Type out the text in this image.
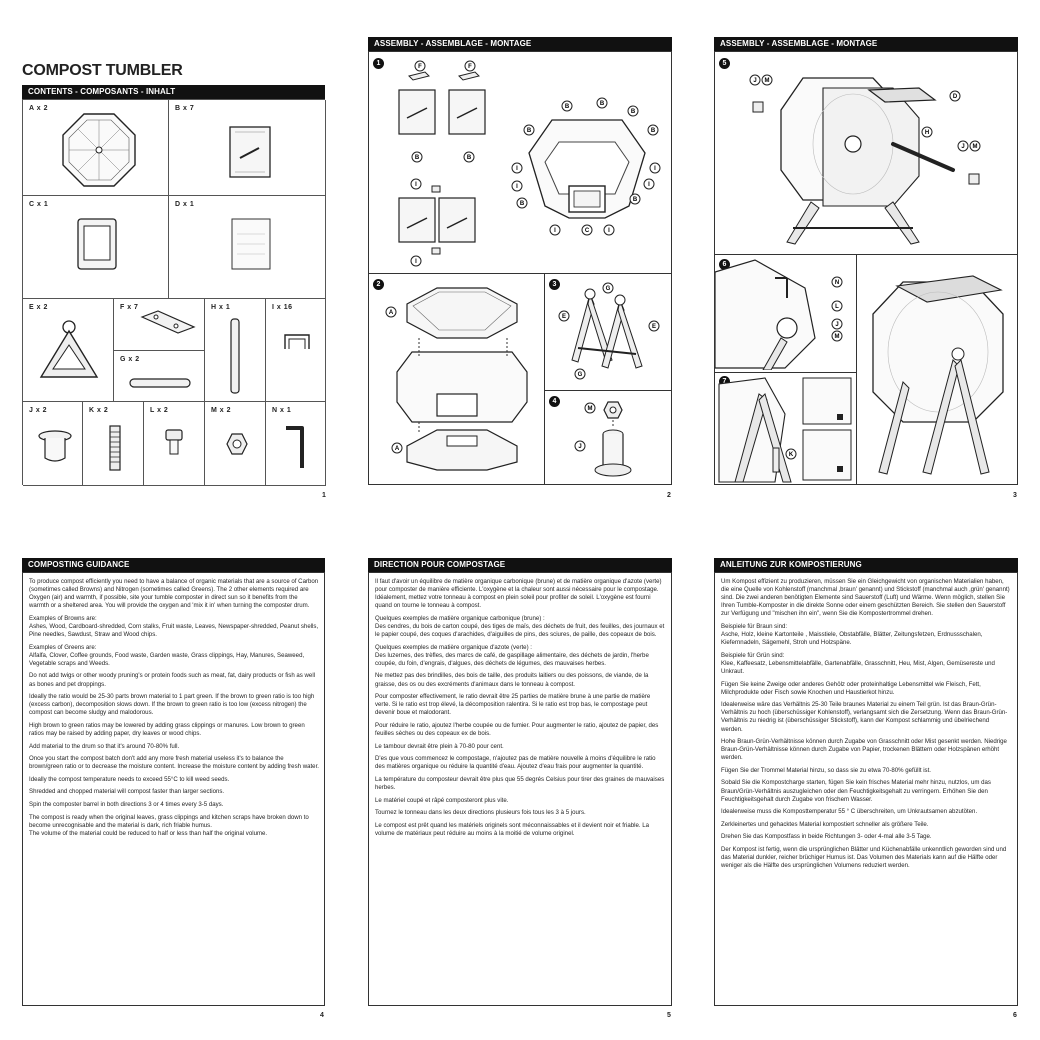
COMPOST TUMBLER
CONTENTS - COMPOSANTS - INHALT
A x 2	B x 7
C x 1	D x 1
E x 2	F x 7
G x 2
H x 1	I x 16
J x 2	K x 2	L x 2	M x 2	N x 1
1
ASSEMBLY - ASSEMBLAGE - MONTAGE
1	F	F
B	B
I
I
B	B
B
B
B
I
I
B
I
I
B
I	C	I
2
A
A
3
G
E
E
G
4
M
J
2
ASSEMBLY - ASSEMBLAGE - MONTAGE
5
J M
D
H
J M
6
N
L
J
M
7
K
3
COMPOSTING GUIDANCE

To produce compost efficiently you need to have a balance of organic materials that are a source of Carbon (sometimes called Browns) and Nitrogen (sometimes called Greens). The 2 other elements required are Oxygen (air) and warmth, if possible, site your tumble composter in direct sun so it benefits from the warmth or a sheltered area. You will provide the oxygen and 'mix it in' when turning the composter drum.

Examples of Browns are:
Ashes, Wood, Cardboard-shredded, Corn stalks, Fruit waste, Leaves, Newspaper-shredded, Peanut shells, Pine needles, Sawdust, Straw and Wood chips.

Examples of Greens are:
Alfalfa, Clover, Coffee grounds, Food waste, Garden waste, Grass clippings, Hay, Manures, Seaweed, Vegetable scraps and Weeds.

Do not add twigs or other woody pruning's or protein foods such as meat, fat, dairy products or fish as well as bones and pet droppings.

Ideally the ratio would be 25-30 parts brown material to 1 part green. If the brown to green ratio is too high (excess carbon), decomposition slows down. If the brown to green ratio is too low (excess nitrogen) the compost can become sludgy and malodorous.

High brown to green ratios may be lowered by adding grass clippings or manures. Low brown to green ratios may be raised by adding paper, dry leaves or wood chips.

Add material to the drum so that it's around 70-80% full.

Once you start the compost batch don't add any more fresh material useless it's to balance the brown/green ratio or to decrease the moisture content. Increase the moisture content by adding fresh water.

Ideally the compost temperature needs to exceed 55°C to kill weed seeds.

Shredded and chopped material will compost faster than larger sections.

Spin the composter barrel in both directions 3 or 4 times every 3-5 days.

The compost is ready when the original leaves, grass clippings and kitchen scraps have broken down to become unrecognisable and the material is dark, rich friable humus.
The volume of the material could be reduced to half or less than half the original volume.

4
DIRECTION POUR COMPOSTAGE

Il faut d'avoir un équilibre de matière organique carbonique (brune) et de matière organique d'azote (verte) pour composter de manière efficiente. L'oxygène et la chaleur sont aussi nécessaire pour le compostage. Idéalement, mettez votre tonneau à compost en plein soleil pour profiter de soleil. L'oxygène est fourni quand on tourne le tonneau à compost.

Quelques exemples de matière organique carbonique (brune) :
Des cendres, du bois de carton coupé, des tiges de maïs, des déchets de fruit, des feuilles, des journaux et le papier coupé, des coques d'arachides, d'aiguilles de pins, des sciures, de paille, des copeaux de bois.

Quelques exemples de matière organique d'azote (verte) :
Des luzernes, des trèfles, des marcs de café, de gaspillage alimentaire, des déchets de jardin, l'herbe coupée, du foin, d'engrais, d'algues, des déchets de légumes, des mauvaises herbes.

Ne mettez pas des brindilles, des bois de taille, des produits laitiers ou des poissons, de viande, de la graisse, des os ou des excréments d'animaux dans le tonneau à compost.

Pour composter effectivement, le ratio devrait être 25 parties de matière brune à une partie de matière verte. Si le ratio est trop élevé, la décomposition ralentira. Si le ratio est trop bas, le compostage peut devenir boue et malodorant.

Pour réduire le ratio, ajoutez l'herbe coupée ou de fumier. Pour augmenter le ratio, ajoutez de papier, des feuilles sèches ou des copeaux ex de bois.

Le tambour devrait être plein à 70-80 pour cent.

D'es que vous commencez le compostage, n'ajoutez pas de matière nouvelle à moins d'équilibre le ratio des matières organique ou réduire la quantité d'eau. Ajoutez d'eau frais pour augmenter la quantité.

La température du composteur devrait être plus que 55 degrés Celsius pour tirer des graines de mauvaises herbes.

Le matériel coupé et râpé composteront plus vite.

Tournez le tonneau dans les deux directions plusieurs fois tous les 3 à 5 jours.

Le compost est prêt quand les matériels originels sont méconnaissables et il devient noir et friable. La volume de matériaux peut réduire au moins à la moitié de volume originel.

5
ANLEITUNG ZUR KOMPOSTIERUNG

Um Kompost effizient zu produzieren, müssen Sie ein Gleichgewicht von organischen Materialien haben, die eine Quelle von Kohlenstoff (manchmal ‚braun' genannt) und Stickstoff (manchmal auch ‚grün' genannt) sind. Die zwei anderen benötigten Elemente sind Sauerstoff (Luft) und Wärme. Wenn möglich, stellen Sie Ihren Tumble-Komposter in die direkte Sonne oder einem geschützten Bereich. Sie stellen den Sauerstoff zur Verfügung und "mischen ihn ein", wenn Sie die Kompostertrommel drehen.

Beispiele für Braun sind:
Asche, Holz, kleine Kartonteile , Maisstiele, Obstabfälle, Blätter, Zeitungsfetzen, Erdnussschalen, Kiefernnadeln, Sägemehl, Stroh und Holzspäne.

Beispiele für Grün sind:
Klee, Kaffeesatz, Lebensmittelabfälle, Gartenabfälle, Grasschnitt, Heu, Mist, Algen, Gemüsereste und Unkraut.

Fügen Sie keine Zweige oder anderes Gehölz oder proteinhaltige Lebensmittel wie Fleisch, Fett, Milchprodukte oder Fisch sowie Knochen und Haustierkot hinzu.

Idealerweise wäre das Verhältnis 25-30 Teile braunes Material zu einem Teil grün. Ist das Braun-Grün-Verhältnis zu hoch (überschüssiger Kohlenstoff), verlangsamt sich die Zersetzung. Wenn das Braun-Grün-Verhältnis zu niedrig ist (überschüssiger Stickstoff), kann der Kompost schlammig und übelriechend werden.

Hohe Braun-Grün-Verhältnisse können durch Zugabe von Grasschnitt oder Mist gesenkt werden. Niedrige Braun-Grün-Verhältnisse können durch Zugabe von Papier, trockenen Blättern oder Holzspänen erhöht werden.

Fügen Sie der Trommel Material hinzu, so dass sie zu etwa 70-80% gefüllt ist.

Sobald Sie die Kompostcharge starten, fügen Sie kein frisches Material mehr hinzu, nutzlos, um das Braun/Grün-Verhältnis auszugleichen oder den Feuchtigkeitsgehalt zu verringern. Erhöhen Sie den Feuchtigkeitsgehalt durch Zugabe von frischem Wasser.

Idealerweise muss die Komposttemperatur 55 ° C überschreiten, um Unkrautsamen abzutöten.

Zerkleinertes und gehacktes Material kompostiert schneller als größere Teile.

Drehen Sie das Kompostfass in beide Richtungen 3- oder 4-mal alle 3-5 Tage.

Der Kompost ist fertig, wenn die ursprünglichen Blätter und Küchenabfälle unkenntlich geworden sind und das Material dunkler, reicher brüchiger Humus ist. Das Volumen des Materials kann auf die Hälfte oder weniger als die Hälfte des ursprünglichen Volumens reduziert werden.

6
